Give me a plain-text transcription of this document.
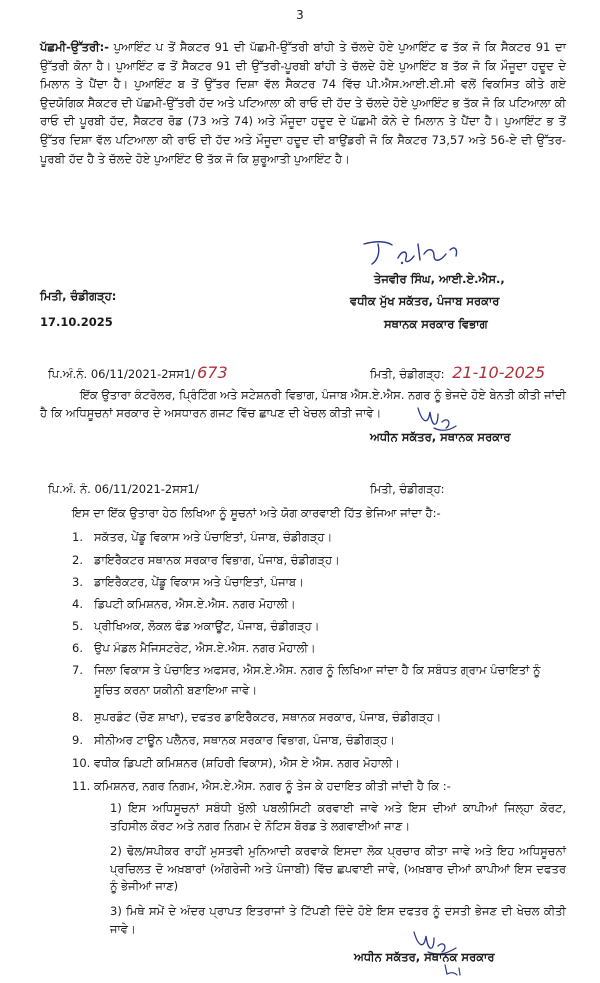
3
ਪੱਛਮੀ-ਉੱਤਰੀ:- ਪੁਆਇੰਟ ਪ ਤੋਂ ਸੈਕਟਰ 91 ਦੀ ਪੱਛਮੀ-ਉੱਤਰੀ ਬਾਂਹੀ ਤੇ ਚੱਲਦੇ ਹੋਏ ਪੁਆਇੰਟ ਫ ਤੱਕ ਜੋ ਕਿ ਸੈਕਟਰ 91 ਦਾ ਉੱਤਰੀ ਕੋਨਾ ਹੈ। ਪੁਆਇੰਟ ਫ ਤੋਂ ਸੈਕਟਰ 91 ਦੀ ਉੱਤਰੀ-ਪੂਰਬੀ ਬਾਂਹੀ ਤੇ ਚੱਲਦੇ ਹੋਏ ਪੁਆਇੰਟ ਬ ਤੱਕ ਜੋ ਕਿ ਮੌਜੂਦਾ ਹਦੂਦ ਦੇ ਮਿਲਾਨ ਤੇ ਪੈਂਦਾ ਹੈ। ਪੁਆਇੰਟ ਬ ਤੋਂ ਉੱਤਰ ਦਿਸ਼ਾ ਵੱਲ ਸੈਕਟਰ 74 ਵਿੱਚ ਪੀ.ਐਸ.ਆਈ.ਈ.ਸੀ ਵਲੋਂ ਵਿਕਸਿਤ ਕੀਤੇ ਗਏ ਉਦਯੋਗਿਕ ਸੈਕਟਰ ਦੀ ਪੱਛਮੀ-ਉੱਤਰੀ ਹੱਦ ਅਤੇ ਪਟਿਆਲਾ ਕੀ ਰਾਓ ਦੀ ਹੱਦ ਤੇ ਚੱਲਦੇ ਹੋਏ ਪੁਆਇੰਟ ਭ ਤੱਕ ਜੋ ਕਿ ਪਟਿਆਲਾ ਕੀ ਰਾਓ ਦੀ ਪੂਰਬੀ ਹੱਦ, ਸੈਕਟਰ ਰੋਡ (73 ਅਤੇ 74) ਅਤੇ ਮੌਜੂਦਾ ਹਦੂਦ ਦੇ ਪੱਛਮੀ ਕੋਨੇ ਦੇ ਮਿਲਾਨ ਤੇ ਪੈਂਦਾ ਹੈ। ਪੁਆਇੰਟ ਭ ਤੋਂ ਉੱਤਰ ਦਿਸ਼ਾ ਵੱਲ ਪਟਿਆਲਾ ਕੀ ਰਾਓ ਦੀ ਹੱਦ ਅਤੇ ਮੌਜੂਦਾ ਹਦੂਦ ਦੀ ਬਾਉਂਡਰੀ ਜੋ ਕਿ ਸੈਕਟਰ 73,57 ਅਤੇ 56-ਏ ਦੀ ਉੱਤਰ-ਪੂਰਬੀ ਹੱਦ ਹੈ ਤੇ ਚੱਲਦੇ ਹੋਏ ਪੁਆਇੰਟ ੳ ਤੱਕ ਜੋ ਕਿ ਸ਼ੁਰੂਆਤੀ ਪੁਆਇੰਟ ਹੈ।
ਤੇਜਵੀਰ ਸਿੰਘ, ਆਈ.ਏ.ਐਸ.,
ਵਧੀਕ ਮੁੱਖ ਸਕੱਤਰ, ਪੰਜਾਬ ਸਰਕਾਰ
ਸਥਾਨਕ ਸਰਕਾਰ ਵਿਭਾਗ
ਮਿਤੀ, ਚੰਡੀਗੜ੍ਹ:
17.10.2025
ਪਿ.ਅੰ.ਨੰ. 06/11/2021-2ਸਸ1/ 673	ਮਿਤੀ, ਚੰਡੀਗੜ੍ਹ: 21-10-2025
ਇੱਕ ਉਤਾਰਾ ਕੰਟਰੋਲਰ, ਪ੍ਰਿੰਟਿੰਗ ਅਤੇ ਸਟੇਸ਼ਨਰੀ ਵਿਭਾਗ, ਪੰਜਾਬ ਐਸ.ਏ.ਐਸ. ਨਗਰ ਨੂੰ ਭੇਜਦੇ ਹੋਏ ਬੇਨਤੀ ਕੀਤੀ ਜਾਂਦੀ ਹੈ ਕਿ ਅਧਿਸੂਚਨਾਂ ਸਰਕਾਰ ਦੇ ਅਸਧਾਰਨ ਗਜਟ ਵਿੱਚ ਛਾਪਣ ਦੀ ਖੇਚਲ ਕੀਤੀ ਜਾਵੇ।
ਅਧੀਨ ਸਕੱਤਰ, ਸਥਾਨਕ ਸਰਕਾਰ
ਪਿ.ਅੰ. ਨੰ. 06/11/2021-2ਸਸ1/	ਮਿਤੀ, ਚੰਡੀਗੜ੍ਹ:
ਇਸ ਦਾ ਇੱਕ ਉਤਾਰਾ ਹੇਠ ਲਿਖਿਆ ਨੂੰ ਸੂਚਨਾਂ ਅਤੇ ਯੋਗ ਕਾਰਵਾਈ ਹਿੱਤ ਭੇਜਿਆ ਜਾਂਦਾ ਹੈ:-
1. ਸਕੱਤਰ, ਪੇਂਡੂ ਵਿਕਾਸ ਅਤੇ ਪੰਚਾਇਤਾਂ, ਪੰਜਾਬ, ਚੰਡੀਗੜ੍ਹ।
2. ਡਾਇਰੈਕਟਰ ਸਥਾਨਕ ਸਰਕਾਰ ਵਿਭਾਗ, ਪੰਜਾਬ, ਚੰਡੀਗੜ੍ਹ।
3. ਡਾਇਰੈਕਟਰ, ਪੇਂਡੂ ਵਿਕਾਸ ਅਤੇ ਪੰਚਾਇਤਾਂ, ਪੰਜਾਬ।
4. ਡਿਪਟੀ ਕਮਿਸ਼ਨਰ, ਐਸ.ਏ.ਐਸ. ਨਗਰ ਮੋਹਾਲੀ।
5. ਪ੍ਰੀਖਿਅਕ, ਲੋਕਲ ਫੰਡ ਅਕਾਊਂਟ, ਪੰਜਾਬ, ਚੰਡੀਗੜ੍ਹ।
6. ਉਪ ਮੰਡਲ ਮੈਜਿਸਟਰੇਟ, ਐਸ.ਏ.ਐਸ. ਨਗਰ ਮੋਹਾਲੀ।
7. ਜਿਲਾ ਵਿਕਾਸ ਤੇ ਪੰਚਾਇਤ ਅਫਸਰ, ਐਸ.ਏ.ਐਸ. ਨਗਰ ਨੂੰ ਲਿਖਿਆ ਜਾਂਦਾ ਹੈ ਕਿ ਸਬੰਧਤ ਗ੍ਰਾਮ ਪੰਚਾਇਤਾਂ ਨੂੰ
ਸੂਚਿਤ ਕਰਨਾ ਯਕੀਨੀ ਬਣਾਇਆ ਜਾਵੇ।
8. ਸੁਪਰਡੰਟ (ਚੋਣ ਸ਼ਾਖਾ), ਦਫਤਰ ਡਾਇਰੈਕਟਰ, ਸਥਾਨਕ ਸਰਕਾਰ, ਪੰਜਾਬ, ਚੰਡੀਗੜ੍ਹ।
9. ਸੀਨੀਅਰ ਟਾਊਨ ਪਲੈਨਰ, ਸਥਾਨਕ ਸਰਕਾਰ ਵਿਭਾਗ, ਪੰਜਾਬ, ਚੰਡੀਗੜ੍ਹ।
10. ਵਧੀਕ ਡਿਪਟੀ ਕਮਿਸ਼ਨਰ (ਸ਼ਹਿਰੀ ਵਿਕਾਸ), ਐਸ ਏ ਐਸ. ਨਗਰ ਮੋਹਾਲੀ।
11. ਕਮਿਸ਼ਨਰ, ਨਗਰ ਨਿਗਮ, ਐਸ.ਏ.ਐਸ. ਨਗਰ ਨੂੰ ਤੇਜ ਕੇ ਹਦਾਇਤ ਕੀਤੀ ਜਾਂਦੀ ਹੈ ਕਿ :-
1) ਇਸ ਅਧਿਸੂਚਨਾਂ ਸਬੰਧੀ ਖੁੱਲੀ ਪਬਲੀਸਿਟੀ ਕਰਵਾਈ ਜਾਵੇ ਅਤੇ ਇਸ ਦੀਆਂ ਕਾਪੀਆਂ ਜਿਲ੍ਹਾ ਕੋਰਟ, ਤਹਿਸੀਲ ਕੋਰਟ ਅਤੇ ਨਗਰ ਨਿਗਮ ਦੇ ਨੋਟਿਸ ਬੋਰਡ ਤੇ ਲਗਵਾਈਆਂ ਜਾਣ।
2) ਢੋਲ/ਸਪੀਕਰ ਰਾਹੀਂ ਮੁਸਤਵੀ ਮੁਨਿਆਦੀ ਕਰਵਾਕੇ ਇਸਦਾ ਲੋਕ ਪ੍ਰਚਾਰ ਕੀਤਾ ਜਾਵੇ ਅਤੇ ਇਹ ਅਧਿਸੂਚਨਾਂ ਪ੍ਰਚਿਲਤ ਦੋ ਅਖ਼ਬਾਰਾਂ (ਅੰਗਰੇਜੀ ਅਤੇ ਪੰਜਾਬੀ) ਵਿੱਚ ਛਪਵਾਈ ਜਾਵੇ, (ਅਖ਼ਬਾਰ ਦੀਆਂ ਕਾਪੀਆਂ ਇਸ ਦਫਤਰ ਨੂੰ ਭੇਜੀਆਂ ਜਾਣ)
3) ਮਿਥੇ ਸਮੇਂ ਦੇ ਅੰਦਰ ਪ੍ਰਾਪਤ ਇਤਰਾਜਾਂ ਤੇ ਟਿੱਪਣੀ ਦਿੰਦੇ ਹੋਏ ਇਸ ਦਫਤਰ ਨੂੰ ਦਸਤੀ ਭੇਜਣ ਦੀ ਖੇਚਲ ਕੀਤੀ ਜਾਵੇ।
ਅਧੀਨ ਸਕੱਤਰ, ਸਥਾਨਕ ਸਰਕਾਰ
